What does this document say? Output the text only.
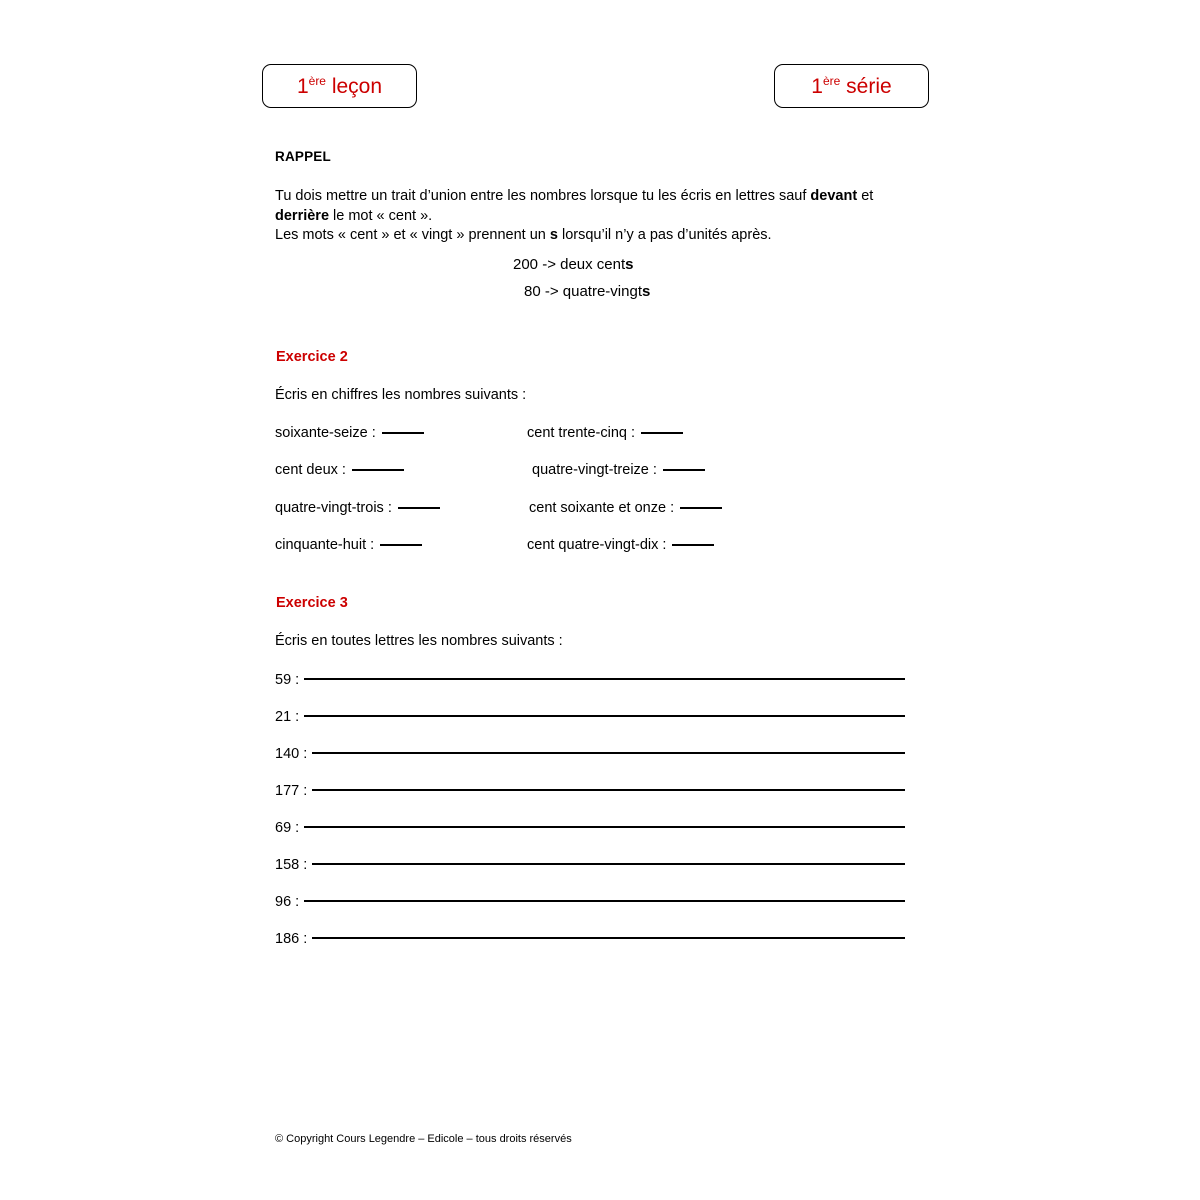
1ère leçon	1ère série
RAPPEL
Tu dois mettre un trait d’union entre les nombres lorsque tu les écris en lettres sauf devant et derrière le mot « cent ».
Les mots « cent » et « vingt » prennent un s lorsqu’il n’y a pas d’unités après.
200 -> deux cents
80 -> quatre-vingts
Exercice 2
Écris en chiffres les nombres suivants :
soixante-seize :
cent deux :
quatre-vingt-trois :
cinquante-huit :
cent trente-cinq :
quatre-vingt-treize :
cent soixante et onze :
cent quatre-vingt-dix :
Exercice 3
Écris en toutes lettres les nombres suivants :
59 :
21 :
140 :
177 :
69 :
158 :
96 :
186 :
© Copyright Cours Legendre – Edicole – tous droits réservés
